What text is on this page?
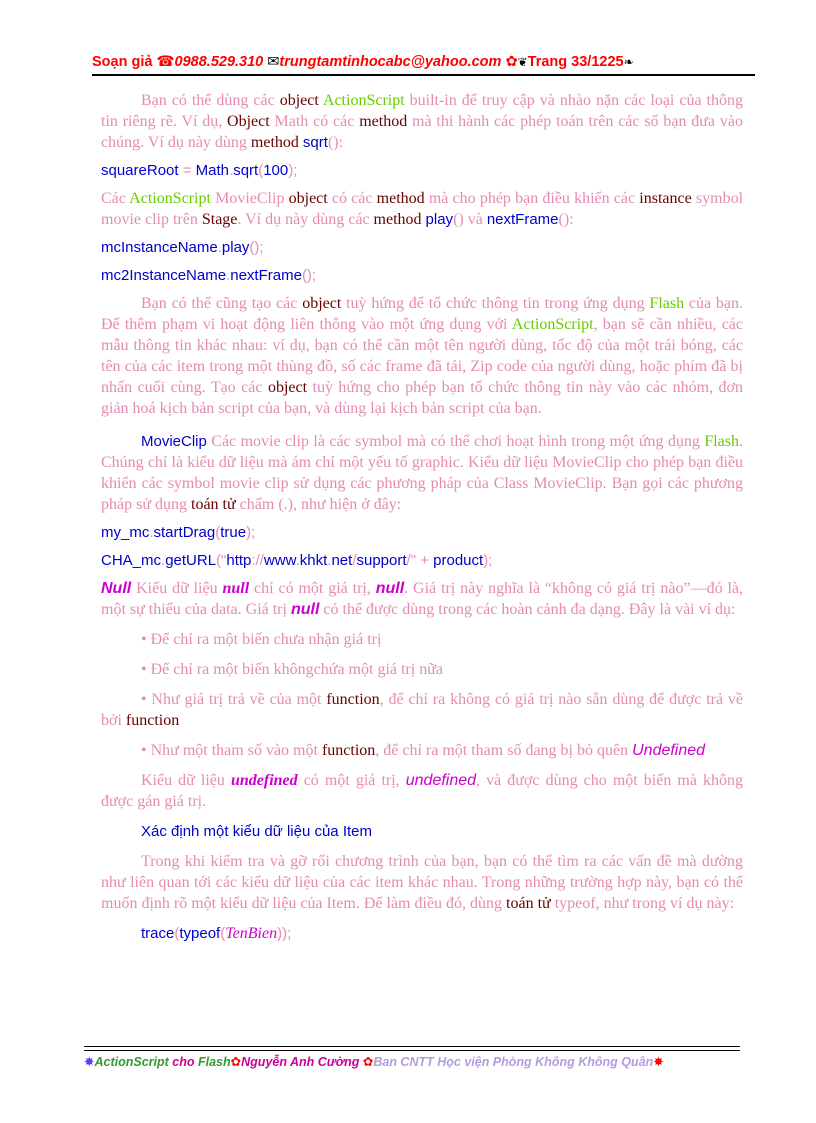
Soạn giả ☎0988.529.310 ✉trungtamtinhocabc@yahoo.com ✿❦Trang 33/1225❧

Bạn có thể dùng các object ActionScript built-in để truy cập và nhào nặn các loại của thông tin riêng rẽ. Ví dụ, Object Math có các method mà thi hành các phép toán trên các số bạn đưa vào chúng. Ví dụ này dùng method sqrt():

squareRoot = Math.sqrt(100);

Các ActionScript MovieClip object có các method mà cho phép bạn điều khiển các instance symbol movie clip trên Stage. Ví dụ này dùng các method play() và nextFrame():

mcInstanceName.play();

mc2InstanceName.nextFrame();

Bạn có thể cũng tạo các object tuỳ hứng để tổ chức thông tin trong ứng dụng Flash của bạn. Để thêm phạm vi hoạt động liên thông vào một ứng dụng với ActionScript, bạn sẽ cần nhiều, các mẫu thông tin khác nhau: ví dụ, bạn có thể cần một tên người dùng, tốc độ của một trái bóng, các tên của các item trong một thùng đồ, số các frame đã tải, Zip code của người dùng, hoặc phím đã bị nhấn cuối cùng. Tạo các object tuỳ hứng cho phép bạn tổ chức thông tin này vào các nhóm, đơn giản hoá kịch bản script của bạn, và dùng lại kịch bản script của bạn.

MovieClip Các movie clip là các symbol mà có thể chơi hoạt hình trong một ứng dụng Flash. Chúng chỉ là kiểu dữ liệu mà ám chỉ một yếu tố graphic. Kiểu dữ liệu MovieClip cho phép bạn điều khiển các symbol movie clip sử dụng các phương pháp của Class MovieClip. Bạn gọi các phương pháp sử dụng toán tử chấm (.), như hiện ở đây:

my_mc.startDrag(true);

CHA_mc.getURL("http://www.khkt.net/support/" + product);

Null Kiểu dữ liệu null chỉ có một giá trị, null. Giá trị này nghĩa là “không có giá trị nào”—đó là, một sự thiếu của data. Giá trị null có thể được dùng trong các hoàn cảnh đa dạng. Đây là vài ví dụ:

• Để chỉ ra một biến chưa nhận giá trị

• Để chỉ ra một biến khôngchứa một giá trị nữa

• Như giá trị trả về của một function, để chỉ ra không có giá trị nào sẵn dùng để được trả về bởi function

• Như một tham số vào một function, để chỉ ra một tham số đang bị bỏ quên Undefined

Kiểu dữ liệu undefined có một giá trị, undefined, và được dùng cho một biến mà không được gán giá trị.

Xác định một kiểu dữ liệu của Item

Trong khi kiểm tra và gỡ rối chương trình của bạn, bạn có thể tìm ra các vấn đề mà dường như liên quan tới các kiểu dữ liệu của các item khác nhau. Trong những trường hợp này, bạn có thể muốn định rõ một kiểu dữ liệu của Item. Để làm điều đó, dùng toán tử typeof, như trong ví dụ này:

trace(typeof(TenBien));

✸ActionScript cho Flash✿Nguyễn Anh Cường ✿Ban CNTT Học viện Phòng Không Không Quân✸
